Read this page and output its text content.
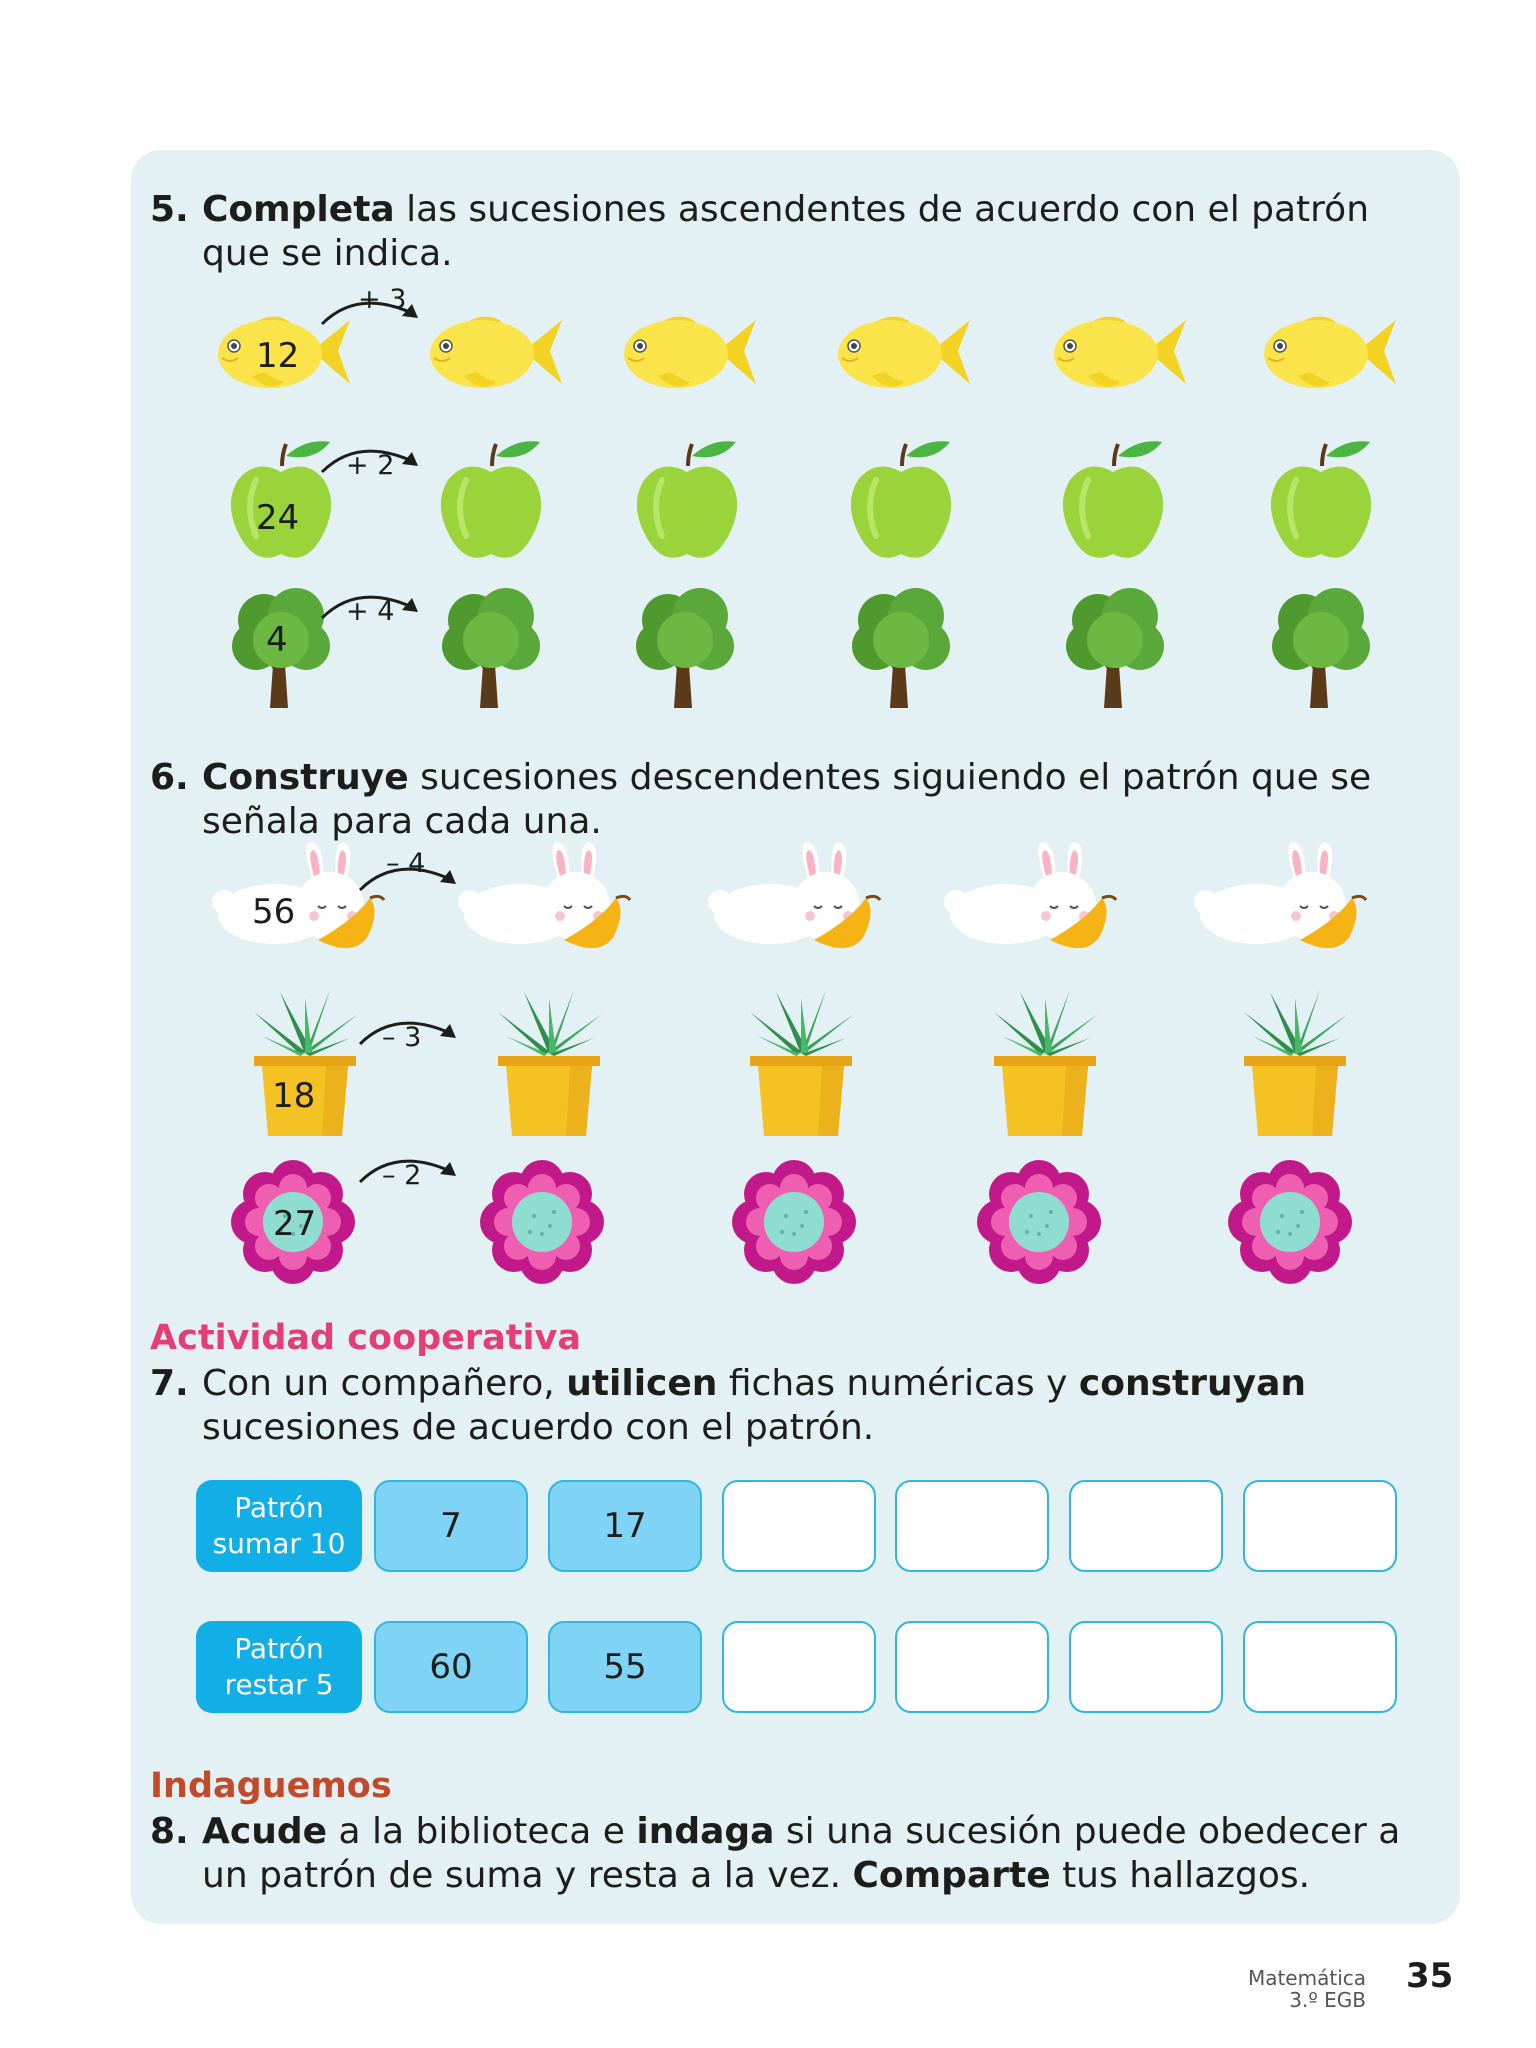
5. Completa las sucesiones ascendentes de acuerdo con el patrón
que se indica.
12
+ 3
24
+ 2
4
+ 4
6. Construye sucesiones descendentes siguiendo el patrón que se
señala para cada una.
56
– 4
18
– 3
27
– 2
Actividad cooperativa
7. Con un compañero, utilicen fichas numéricas y construyan
sucesiones de acuerdo con el patrón.
Patrón
sumar 10	7	17
Patrón
restar 5	60	55
Indaguemos
8. Acude a la biblioteca e indaga si una sucesión puede obedecer a
un patrón de suma y resta a la vez. Comparte tus hallazgos.
Matemática
3.º EGB
35
